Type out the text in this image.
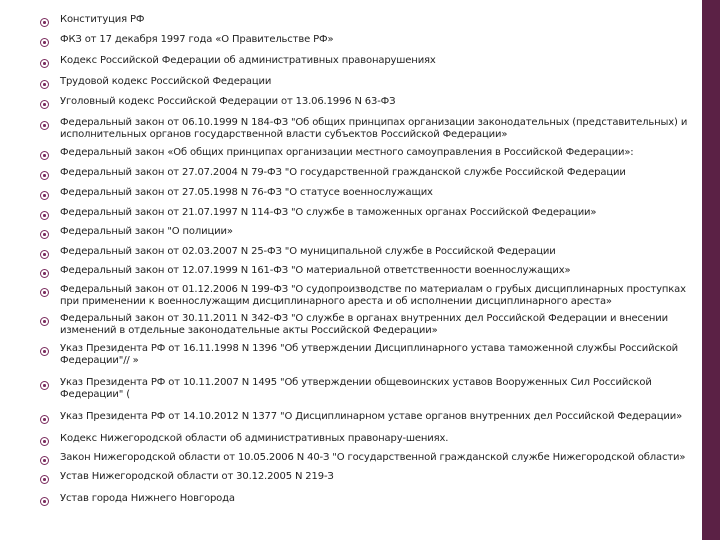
Конституция РФ
ФКЗ от 17 декабря 1997 года «О Правительстве РФ»
Кодекс Российской Федерации об административных правонарушениях
Трудовой кодекс Российской Федерации
Уголовный кодекс Российской Федерации от 13.06.1996 N 63-ФЗ
Федеральный закон от 06.10.1999 N 184-ФЗ "Об общих принципах организации законодательных (представительных) и исполнительных органов государственной власти субъектов Российской Федерации»
Федеральный закон «Об общих принципах организации местного самоуправления в Российской Федерации»:
Федеральный закон от 27.07.2004 N 79-ФЗ "О государственной гражданской службе Российской Федерации
Федеральный закон от 27.05.1998 N 76-ФЗ "О статусе военнослужащих
Федеральный закон от 21.07.1997 N 114-ФЗ "О службе в таможенных органах Российской Федерации»
Федеральный закон "О полиции»
Федеральный закон от 02.03.2007 N 25-ФЗ "О муниципальной службе в Российской Федерации
Федеральный закон от 12.07.1999 N 161-ФЗ "О материальной ответственности военнослужащих»
Федеральный закон от 01.12.2006 N 199-ФЗ "О судопроизводстве по материалам о грубых дисциплинарных проступках при применении к военнослужащим дисциплинарного ареста и об исполнении дисциплинарного ареста»
Федеральный закон от 30.11.2011 N 342-ФЗ "О службе в органах внутренних дел Российской Федерации и внесении изменений в отдельные законодательные акты Российской Федерации»
Указ Президента РФ от 16.11.1998 N 1396 "Об утверждении Дисциплинарного устава таможенной службы Российской Федерации"// »
Указ Президента РФ от 10.11.2007 N 1495 "Об утверждении общевоинских уставов Вооруженных Сил Российской Федерации" (
Указ Президента РФ от 14.10.2012 N 1377 "О Дисциплинарном уставе органов внутренних дел Российской Федерации»
Кодекс Нижегородской области об административных правонару-шениях.
Закон Нижегородской области от 10.05.2006 N 40-З "О государственной гражданской службе Нижегородской области»
Устав Нижегородской области от 30.12.2005 N 219-З
Устав города Нижнего Новгорода
